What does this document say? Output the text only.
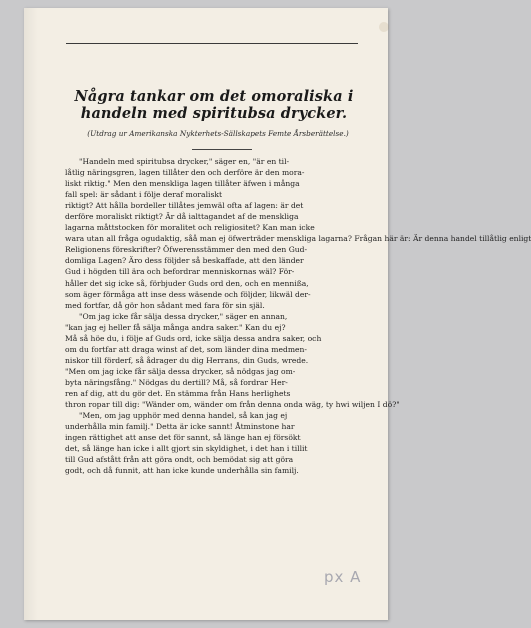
Några tankar om det omoraliska i handeln med spiritubsa drycker.
(Utdrag ur Amerikanska Nykterhets-Sällskapets Femte Årsberättelse.)
"Handeln med spiritubsa drycker," säger en, "är en til-
låtlig näringsgren, lagen tillåter den och derföre är den mora-
liskt riktig." Men den menskliga lagen tillåter äfwen i många
fall spel: är sådant i följe deraf moraliskt
riktigt? Att hålla bordeller tillåtes jemwäl ofta af lagen: är det
derföre moraliskt riktigt? Är då ialttagandet af de menskliga
lagarna måttstocken för moralitet och religiositet? Kan man icke
wara utan all fråga ogudaktig, såå man ej öfwerträder menskliga lagarna? Frågan här är: Är denna handel tillåtlig enligt
Religionens föreskrifter? Öfwerensstämmer den med den Gud-
domliga Lagen? Äro dess följder så beskaffade, att den länder
Gud i högden till ära och befordrar menniskornas wäl? För-
håller det sig icke så, förbjuder Guds ord den, och en mennißa,
som äger förmåga att inse dess wäsende och följder, likwäl der-
med fortfar, då gör hon sådant med fara för sin själ.
"Om jag icke får sälja dessa drycker," säger en annan,
"kan jag ej heller få sälja många andra saker." Kan du ej?
Må så höe du, i följe af Guds ord, icke sälja dessa andra saker, och
om du fortfar att draga winst af det, som länder dina medmen-
niskor till förderf, så ådrager du dig Herrans, din Guds, wrede.
"Men om jag icke får sälja dessa drycker, så nödgas jag om-
byta näringsfång." Nödgas du dertill? Må, så fordrar Her-
ren af dig, att du gör det. En stämma från Hans herlighets
thron ropar till dig: "Wänder om, wänder om från denna onda wäg, ty hwi wiljen I dö?"
"Men, om jag upphör med denna handel, så kan jag ej
underhålla min familj." Detta är icke sannt! Åtminstone har
ingen rättighet att anse det för sannt, så länge han ej försökt
det, så länge han icke i allt gjort sin skyldighet, i det han i tillit
till Gud afstått från att göra ondt, och bemödat sig att göra
godt, och då funnit, att han icke kunde underhålla sin familj.
px A
